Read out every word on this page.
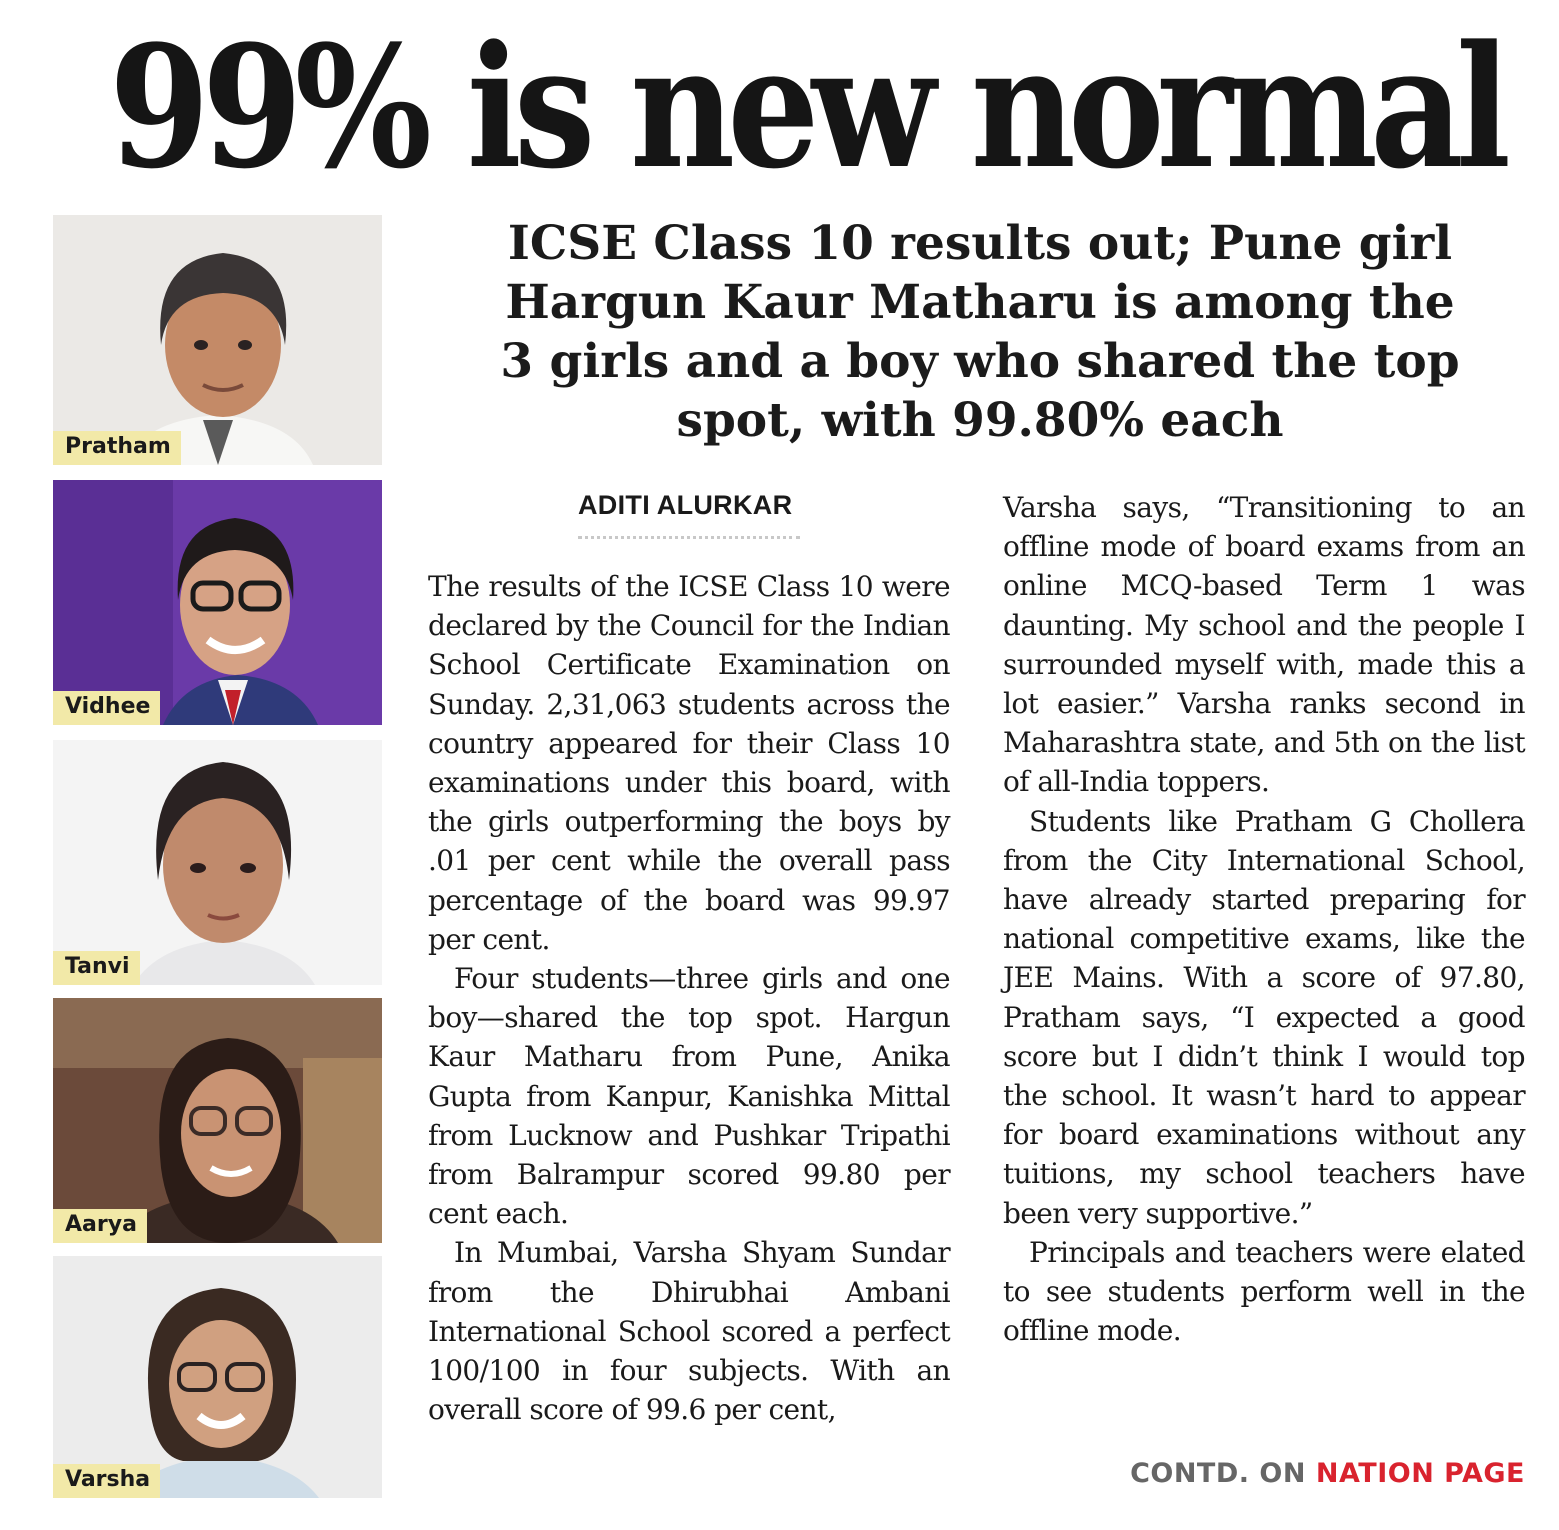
99% is new normal
ICSE Class 10 results out; Pune girl
Hargun Kaur Matharu is among the
3 girls and a boy who shared the top
spot, with 99.80% each
Pratham
Vidhee
Tanvi
Aarya
Varsha
ADITI ALURKAR

The results of the ICSE Class 10 were declared by the Council for the Indian School Certificate Examination on Sunday. 2,31,063 students across the country appeared for their Class 10 examinations under this board, with the girls outperforming the boys by .01 per cent while the overall pass percentage of the board was 99.97 per cent.

Four students—three girls and one boy—shared the top spot. Hargun Kaur Matharu from Pune, Anika Gupta from Kanpur, Kanishka Mittal from Lucknow and Pushkar Tripathi from Balrampur scored 99.80 per cent each.

In Mumbai, Varsha Shyam Sundar from the Dhirubhai Ambani International School scored a perfect 100/100 in four subjects. With an overall score of 99.6 per cent,

Varsha says, “Transitioning to an offline mode of board exams from an online MCQ-based Term 1 was daunting. My school and the people I surrounded myself with, made this a lot easier.” Varsha ranks second in Maharashtra state, and 5th on the list of all-India toppers.

Students like Pratham G Chollera from the City International School, have already started preparing for national competitive exams, like the JEE Mains. With a score of 97.80, Pratham says, “I expected a good score but I didn’t think I would top the school. It wasn’t hard to appear for board examinations without any tuitions, my school teachers have been very supportive.”

Principals and teachers were elated to see students perform well in the offline mode.

CONTD. ON NATION PAGE
